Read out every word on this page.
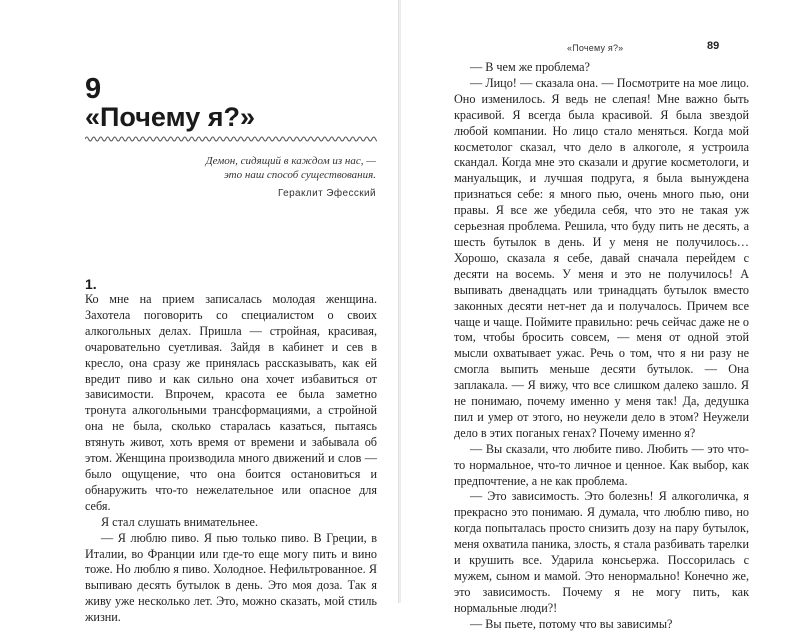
9
«Почему я?»
Демон, сидящий в каждом из нас, —
это наш способ существования.
Гераклит Эфесский
1.

Ко мне на прием записалась молодая женщина. Захотела поговорить со специалистом о своих алкогольных делах. Пришла — стройная, красивая, очаровательно суетливая. Зайдя в кабинет и сев в кресло, она сразу же принялась рассказывать, как ей вредит пиво и как сильно она хочет избавиться от зависимости. Впрочем, красота ее была заметно тронута алкогольными трансформациями, а стройной она не была, сколько старалась казаться, пытаясь втянуть живот, хоть время от времени и забывала об этом. Женщина производила много движений и слов — было ощущение, что она боится остановиться и обнаружить что-то нежелательное или опасное для себя.

Я стал слушать внимательнее.

— Я люблю пиво. Я пью только пиво. В Греции, в Италии, во Франции или где-то еще могу пить и вино тоже. Но люблю я пиво. Холодное. Нефильтрованное. Я выпиваю десять бутылок в день. Это моя доза. Так я живу уже несколько лет. Это, можно сказать, мой стиль жизни.

«Почему я?»	89

— В чем же проблема?

— Лицо! — сказала она. — Посмотрите на мое лицо. Оно изменилось. Я ведь не слепая! Мне важно быть красивой. Я всегда была красивой. Я была звездой любой компании. Но лицо стало меняться. Когда мой косметолог сказал, что дело в алкоголе, я устроила скандал. Когда мне это сказали и другие косметологи, и мануальщик, и лучшая подруга, я была вынуждена признаться себе: я много пью, очень много пью, они правы. Я все же убедила себя, что это не такая уж серьезная проблема. Решила, что буду пить не десять, а шесть бутылок в день. И у меня не получилось… Хорошо, сказала я себе, давай сначала перейдем с десяти на восемь. У меня и это не получилось! А выпивать двенадцать или тринадцать бутылок вместо законных десяти нет-нет да и получалось. Причем все чаще и чаще. Поймите правильно: речь сейчас даже не о том, чтобы бросить совсем, — меня от одной этой мысли охватывает ужас. Речь о том, что я ни разу не смогла выпить меньше десяти бутылок. — Она заплакала. — Я вижу, что все слишком далеко зашло. Я не понимаю, почему именно у меня так! Да, дедушка пил и умер от этого, но неужели дело в этом? Неужели дело в этих поганых генах? Почему именно я?

— Вы сказали, что любите пиво. Любить — это что-то нормальное, что-то личное и ценное. Как выбор, как предпочтение, а не как проблема.

— Это зависимость. Это болезнь! Я алкоголичка, я прекрасно это понимаю. Я думала, что люблю пиво, но когда попыталась просто снизить дозу на пару бутылок, меня охватила паника, злость, я стала разбивать тарелки и крушить все. Ударила консьержа. Поссорилась с мужем, сыном и мамой. Это ненормально! Конечно же, это зависимость. Почему я не могу пить, как нормальные люди?!

— Вы пьете, потому что вы зависимы?
